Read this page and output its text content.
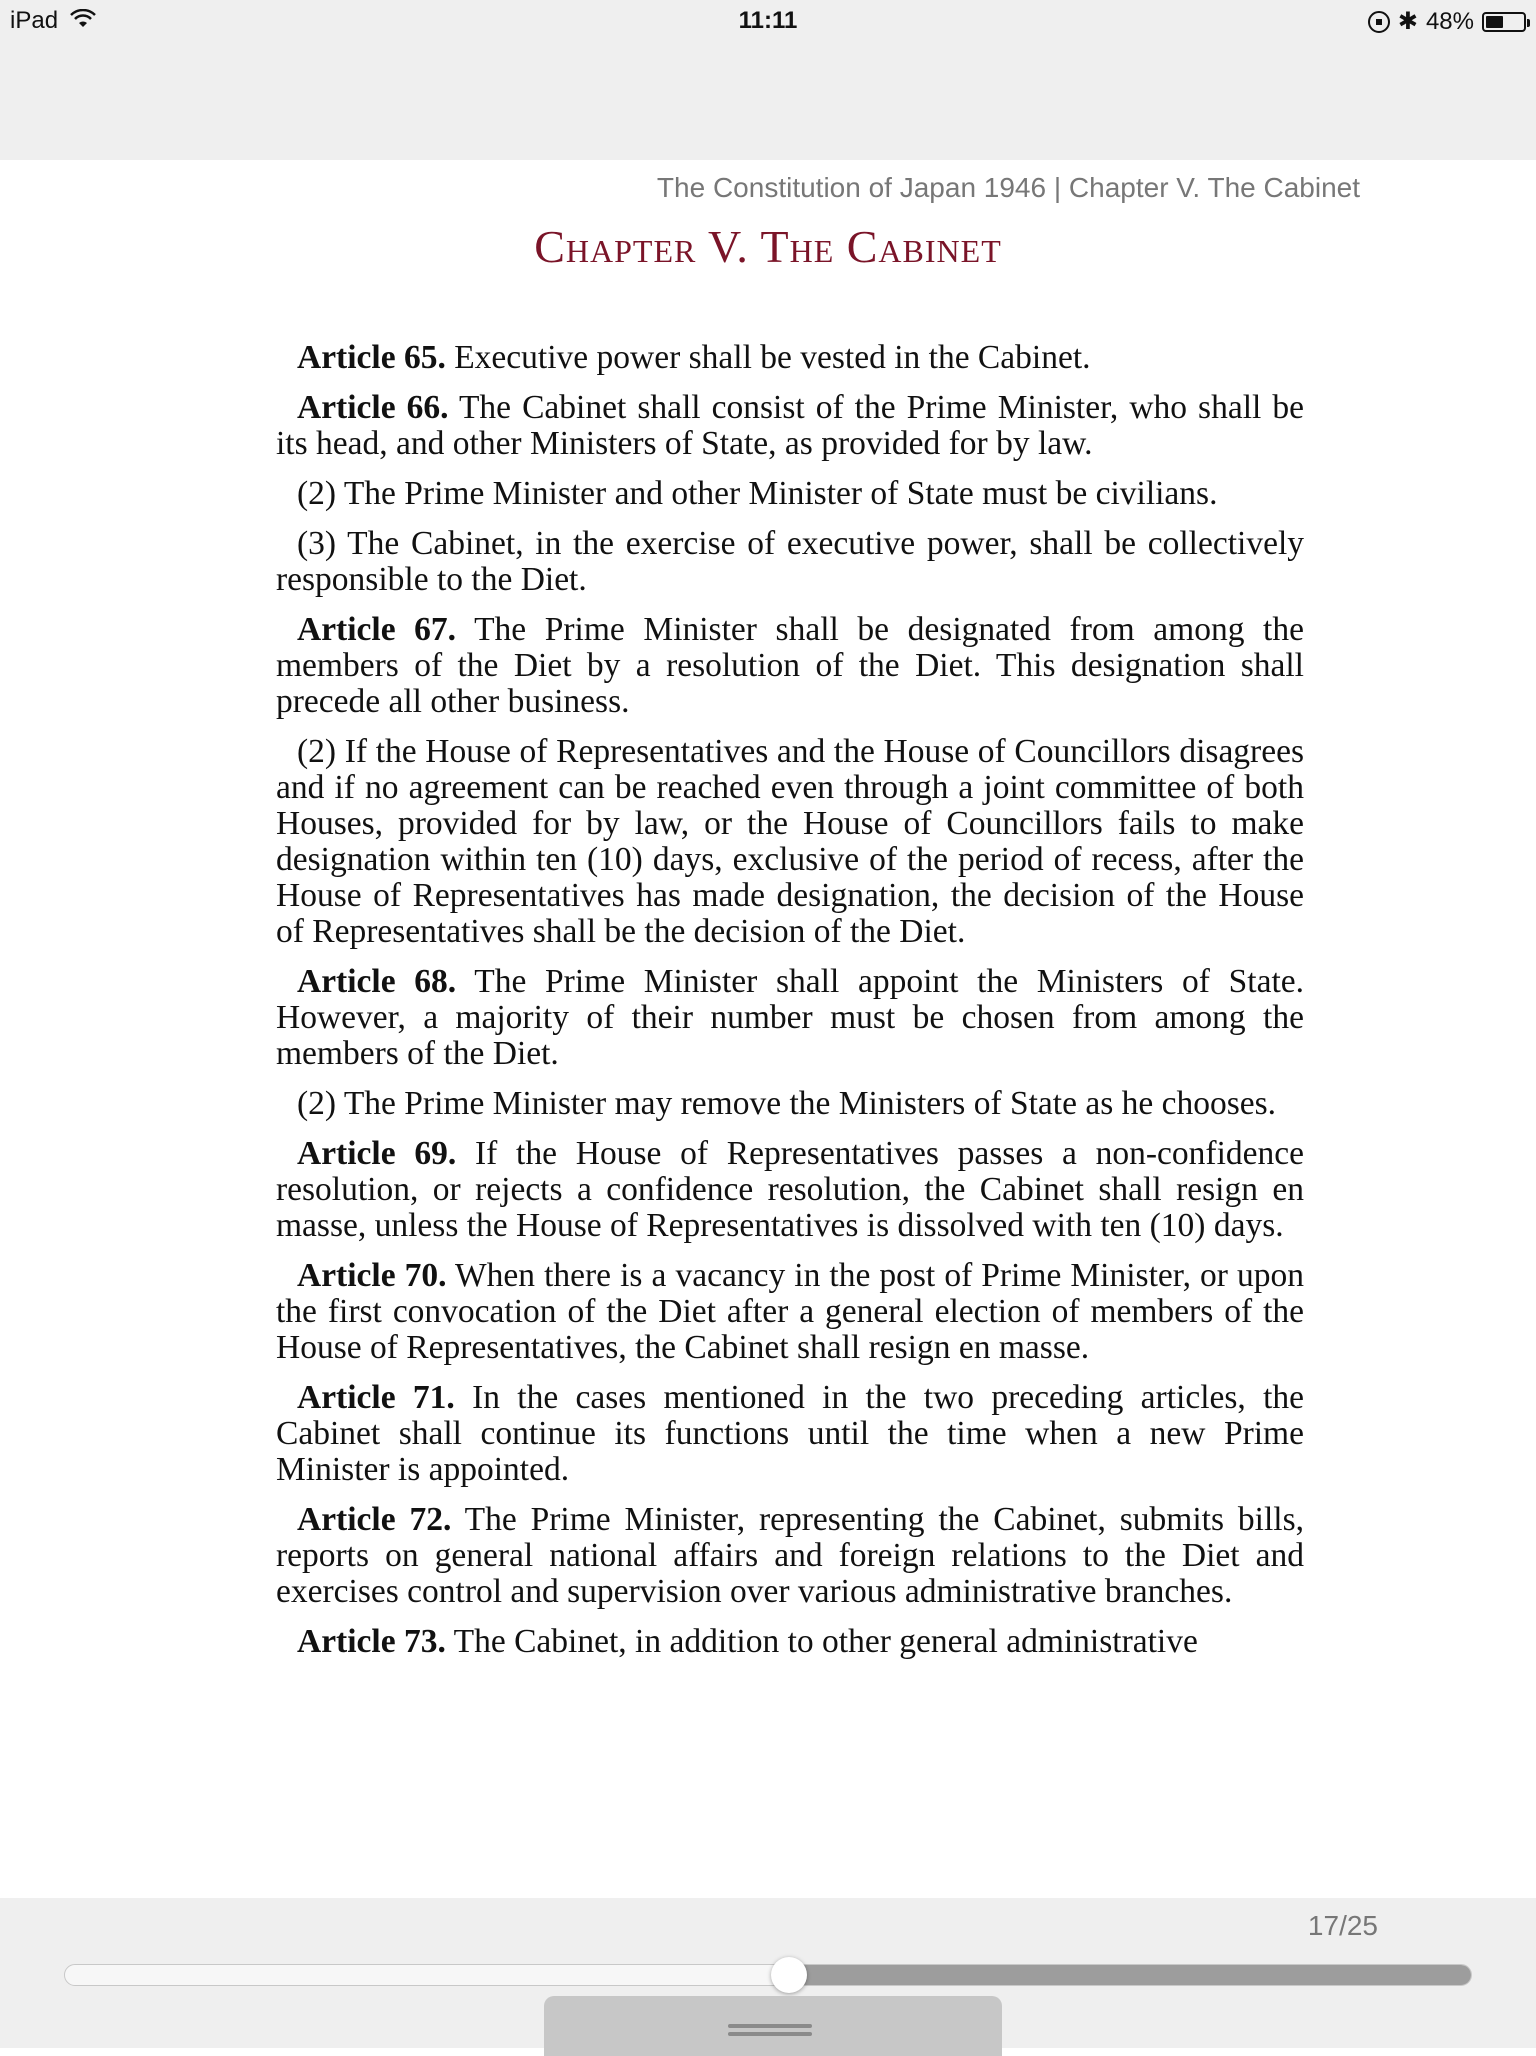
iPad	11:11	✱ 48%
The Constitution of Japan 1946 | Chapter V. The Cabinet
Chapter V. The Cabinet

Article 65. Executive power shall be vested in the Cabinet.

Article 66. The Cabinet shall consist of the Prime Minister, who shall be its head, and other Ministers of State, as provided for by law.

(2) The Prime Minister and other Minister of State must be civilians.

(3) The Cabinet, in the exercise of executive power, shall be collectively responsible to the Diet.

Article 67. The Prime Minister shall be designated from among the members of the Diet by a resolution of the Diet. This designation shall precede all other business.

(2) If the House of Representatives and the House of Councillors disagrees and if no agreement can be reached even through a joint committee of both Houses, provided for by law, or the House of Councillors fails to make designation within ten (10) days, exclusive of the period of recess, after the House of Representatives has made designation, the decision of the House of Representatives shall be the decision of the Diet.

Article 68. The Prime Minister shall appoint the Ministers of State. However, a majority of their number must be chosen from among the members of the Diet.

(2) The Prime Minister may remove the Ministers of State as he chooses.

Article 69. If the House of Representatives passes a non-confidence resolution, or rejects a confidence resolution, the Cabinet shall resign en masse, unless the House of Representatives is dissolved with ten (10) days.

Article 70. When there is a vacancy in the post of Prime Minister, or upon the first convocation of the Diet after a general election of members of the House of Representatives, the Cabinet shall resign en masse.

Article 71. In the cases mentioned in the two preceding articles, the Cabinet shall continue its functions until the time when a new Prime Minister is appointed.

Article 72. The Prime Minister, representing the Cabinet, submits bills, reports on general national affairs and foreign relations to the Diet and exercises control and supervision over various administrative branches.

Article 73. The Cabinet, in addition to other general administrative

17/25
